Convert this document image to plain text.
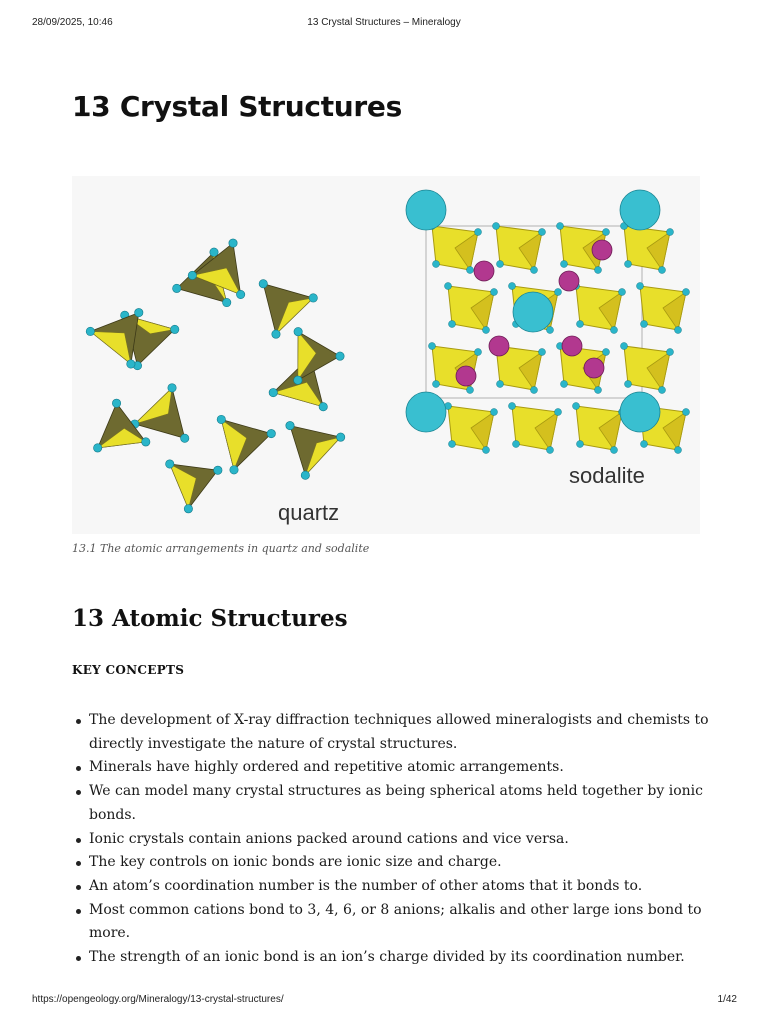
28/09/2025, 10:46	13 Crystal Structures – Mineralogy
13 Crystal Structures
quartz
sodalite
13.1 The atomic arrangements in quartz and sodalite
13 Atomic Structures
KEY CONCEPTS
The development of X-ray diffraction techniques allowed mineralogists and chemists to directly investigate the nature of crystal structures.
Minerals have highly ordered and repetitive atomic arrangements.
We can model many crystal structures as being spherical atoms held together by ionic bonds.
Ionic crystals contain anions packed around cations and vice versa.
The key controls on ionic bonds are ionic size and charge.
An atom’s coordination number is the number of other atoms that it bonds to.
Most common cations bond to 3, 4, 6, or 8 anions; alkalis and other large ions bond to more.
The strength of an ionic bond is an ion’s charge divided by its coordination number.
https://opengeology.org/Mineralogy/13-crystal-structures/	1/42
